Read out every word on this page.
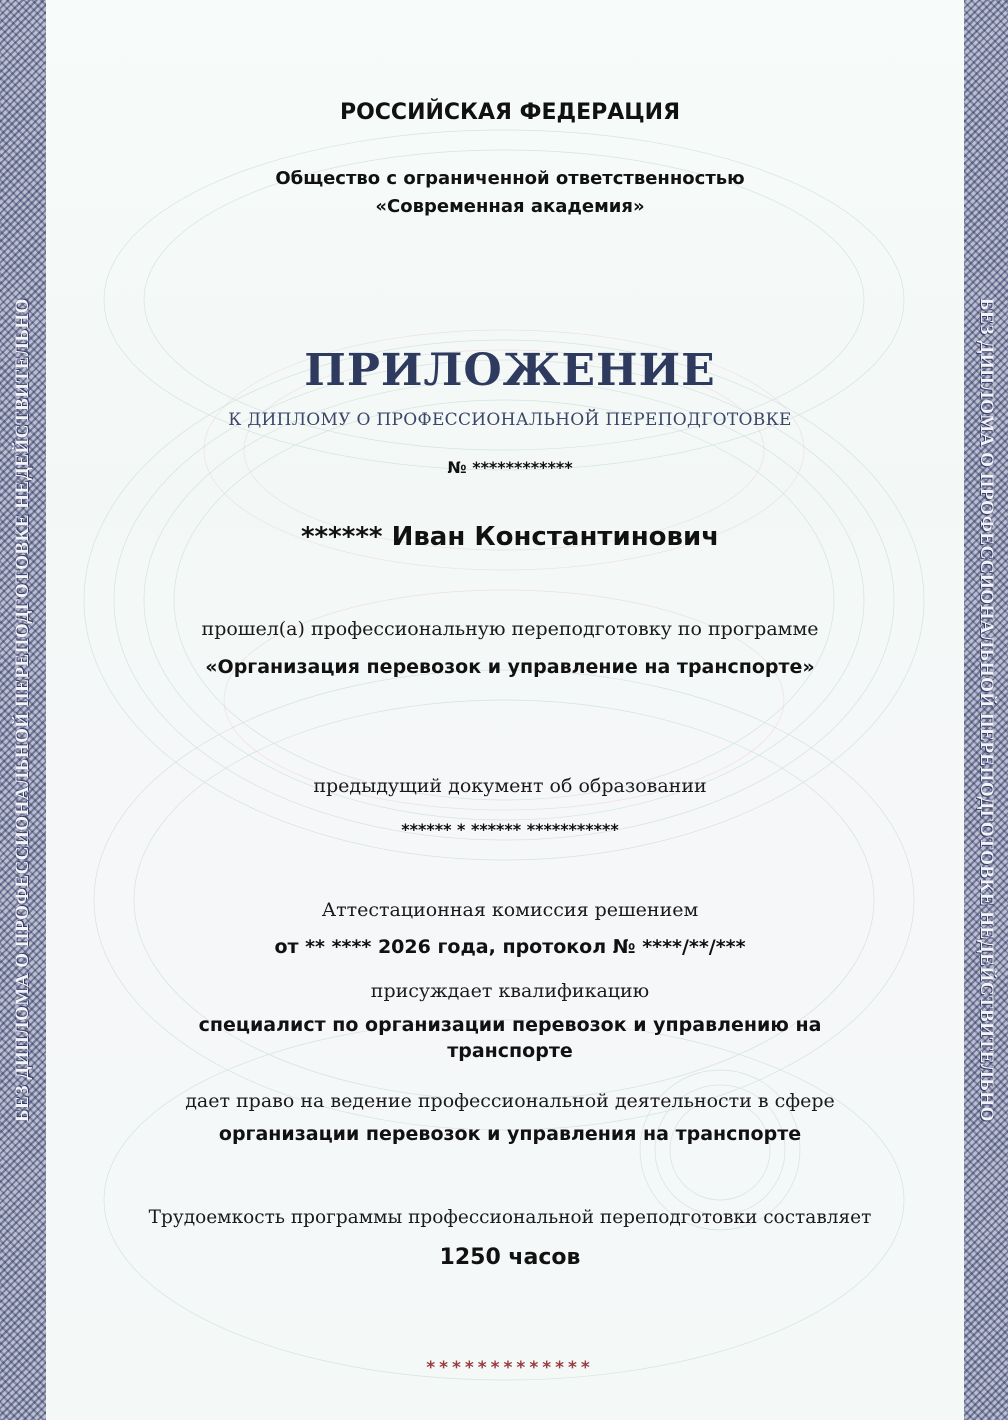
БЕЗ ДИПЛОМА О ПРОФЕССИОНАЛЬНОЙ ПЕРЕПОДГОТОВКЕ НЕДЕЙСТВИТЕЛЬНО	БЕЗ ДИПЛОМА О ПРОФЕССИОНАЛЬНОЙ ПЕРЕПОДГОТОВКЕ НЕДЕЙСТВИТЕЛЬНО
РОССИЙСКАЯ ФЕДЕРАЦИЯ
Общество с ограниченной ответственностью
«Современная академия»
ПРИЛОЖЕНИЕ
К ДИПЛОМУ О ПРОФЕССИОНАЛЬНОЙ ПЕРЕПОДГОТОВКЕ
№ ************
****** Иван Константинович
прошел(а) профессиональную переподготовку по программе
«Организация перевозок и управление на транспорте»
предыдущий документ об образовании
****** * ****** ***********
Аттестационная комиссия решением
от ** **** 2026 года, протокол № ****/**/***
присуждает квалификацию
специалист по организации перевозок и управлению на
транспорте
дает право на ведение профессиональной деятельности в сфере
организации перевозок и управления на транспорте
Трудоемкость программы профессиональной переподготовки составляет
1250 часов
*************
